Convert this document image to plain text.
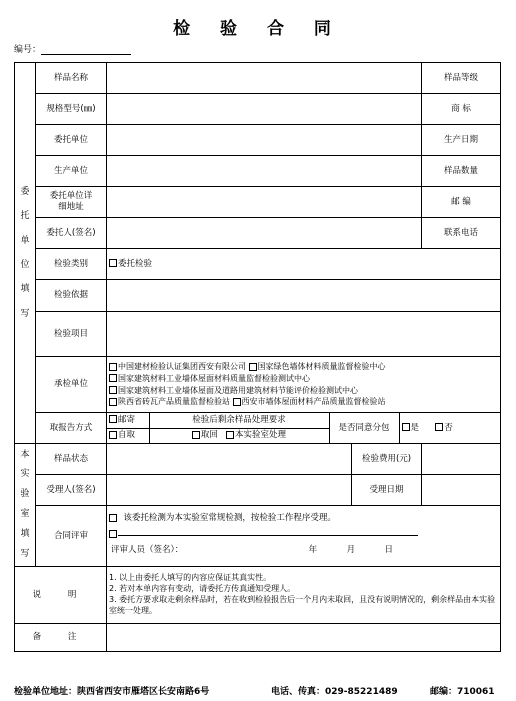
检 验 合 同
编号：
委托单位填写	样品名称		样品等级

规格型号(㎜)		商 标
委托单位		生产日期
生产单位		样品数量
委托单位详细地址		邮 编
委托人(签名)		联系电话
检验类别	委托检验
检验依据	
检验项目	
承检单位	中国建材检验认证集团西安有限公司 国家绿色墙体材料质量监督检验中心
国家建筑材料工业墙体屋面材料质量监督检验测试中心
国家建筑材料工业墙体屋面及道路用建筑材料节能评价检验测试中心
陕西省砖瓦产品质量监督检验站 西安市墙体屋面材料产品质量监督检验站
取报告方式	
邮寄	检验后剩余样品处理要求	是否同意分包	是	否
自取	取回 本实验室处理

本实验室填写	样品状态		检验费用(元)	
受理人(签名)		受理日期	
合同评审	该委托检测为本实验室常规检测，按检验工作程序受理。

评审人员（签名）：	年	月	日
说 明	
1. 以上由委托人填写的内容应保证其真实性。
2. 若对本单内容有变动，请委托方传真通知受理人。
3. 委托方要求取走剩余样品时，若在收到检验报告后一个月内未取回，且没有说明情况的，剩余样品由本实验室统一处理。

备 注	
检验单位地址：陕西省西安市雁塔区长安南路6号	电话、传真：029-85221489	邮编：710061
